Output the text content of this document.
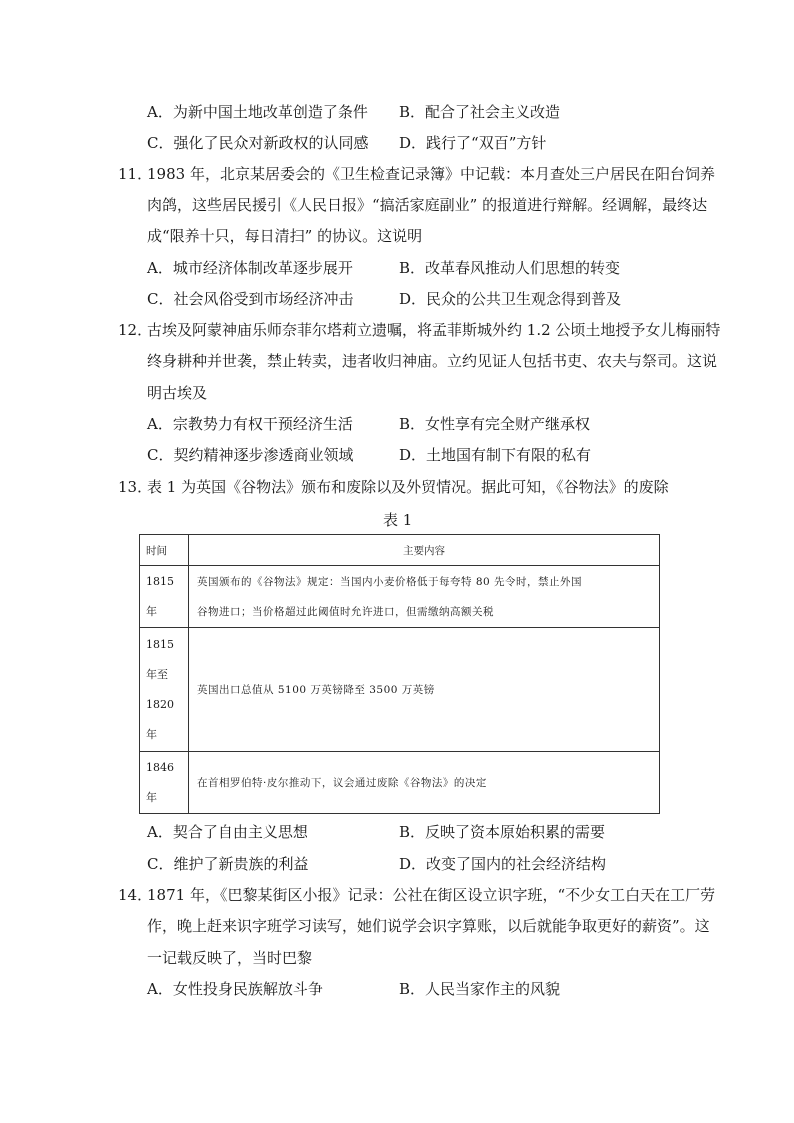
A．为新中国土地改革创造了条件 B．配合了社会主义改造
C．强化了民众对新政权的认同感 D．践行了“双百”方针
11．
1983 年，北京某居委会的《卫生检查记录簿》中记载：本月查处三户居民在阳台饲养
肉鸽，这些居民援引《人民日报》“搞活家庭副业” 的报道进行辩解。经调解，最终达
成“限养十只，每日清扫” 的协议。这说明
A．城市经济体制改革逐步展开	B．改革春风推动人们思想的转变
C．社会风俗受到市场经济冲击	D．民众的公共卫生观念得到普及
12．
古埃及阿蒙神庙乐师奈菲尔塔莉立遗嘱，将孟菲斯城外约 1.2 公顷土地授予女儿梅丽特
终身耕种并世袭，禁止转卖，违者收归神庙。立约见证人包括书吏、农夫与祭司。这说
明古埃及
A．宗教势力有权干预经济生活	B．女性享有完全财产继承权
C．契约精神逐步渗透商业领域	D．土地国有制下有限的私有
13．
表 1 为英国《谷物法》颁布和废除以及外贸情况。据此可知，《谷物法》的废除
表 1
时间	主要内容

1815
年	英国颁布的《谷物法》规定：当国内小麦价格低于每夸特 80 先令时，禁止外国
谷物进口；当价格超过此阈值时允许进口，但需缴纳高额关税

1815
年至
1820
年	英国出口总值从 5100 万英镑降至 3500 万英镑

1846
年	在首相罗伯特·皮尔推动下，议会通过废除《谷物法》的决定
A．契合了自由主义思想	B．反映了资本原始积累的需要
C．维护了新贵族的利益	D．改变了国内的社会经济结构
14．
1871 年，《巴黎某街区小报》记录：公社在街区设立识字班，“不少女工白天在工厂劳
作，晚上赶来识字班学习读写，她们说学会识字算账，以后就能争取更好的薪资”。这
一记载反映了，当时巴黎
A．女性投身民族解放斗争	B．人民当家作主的风貌
